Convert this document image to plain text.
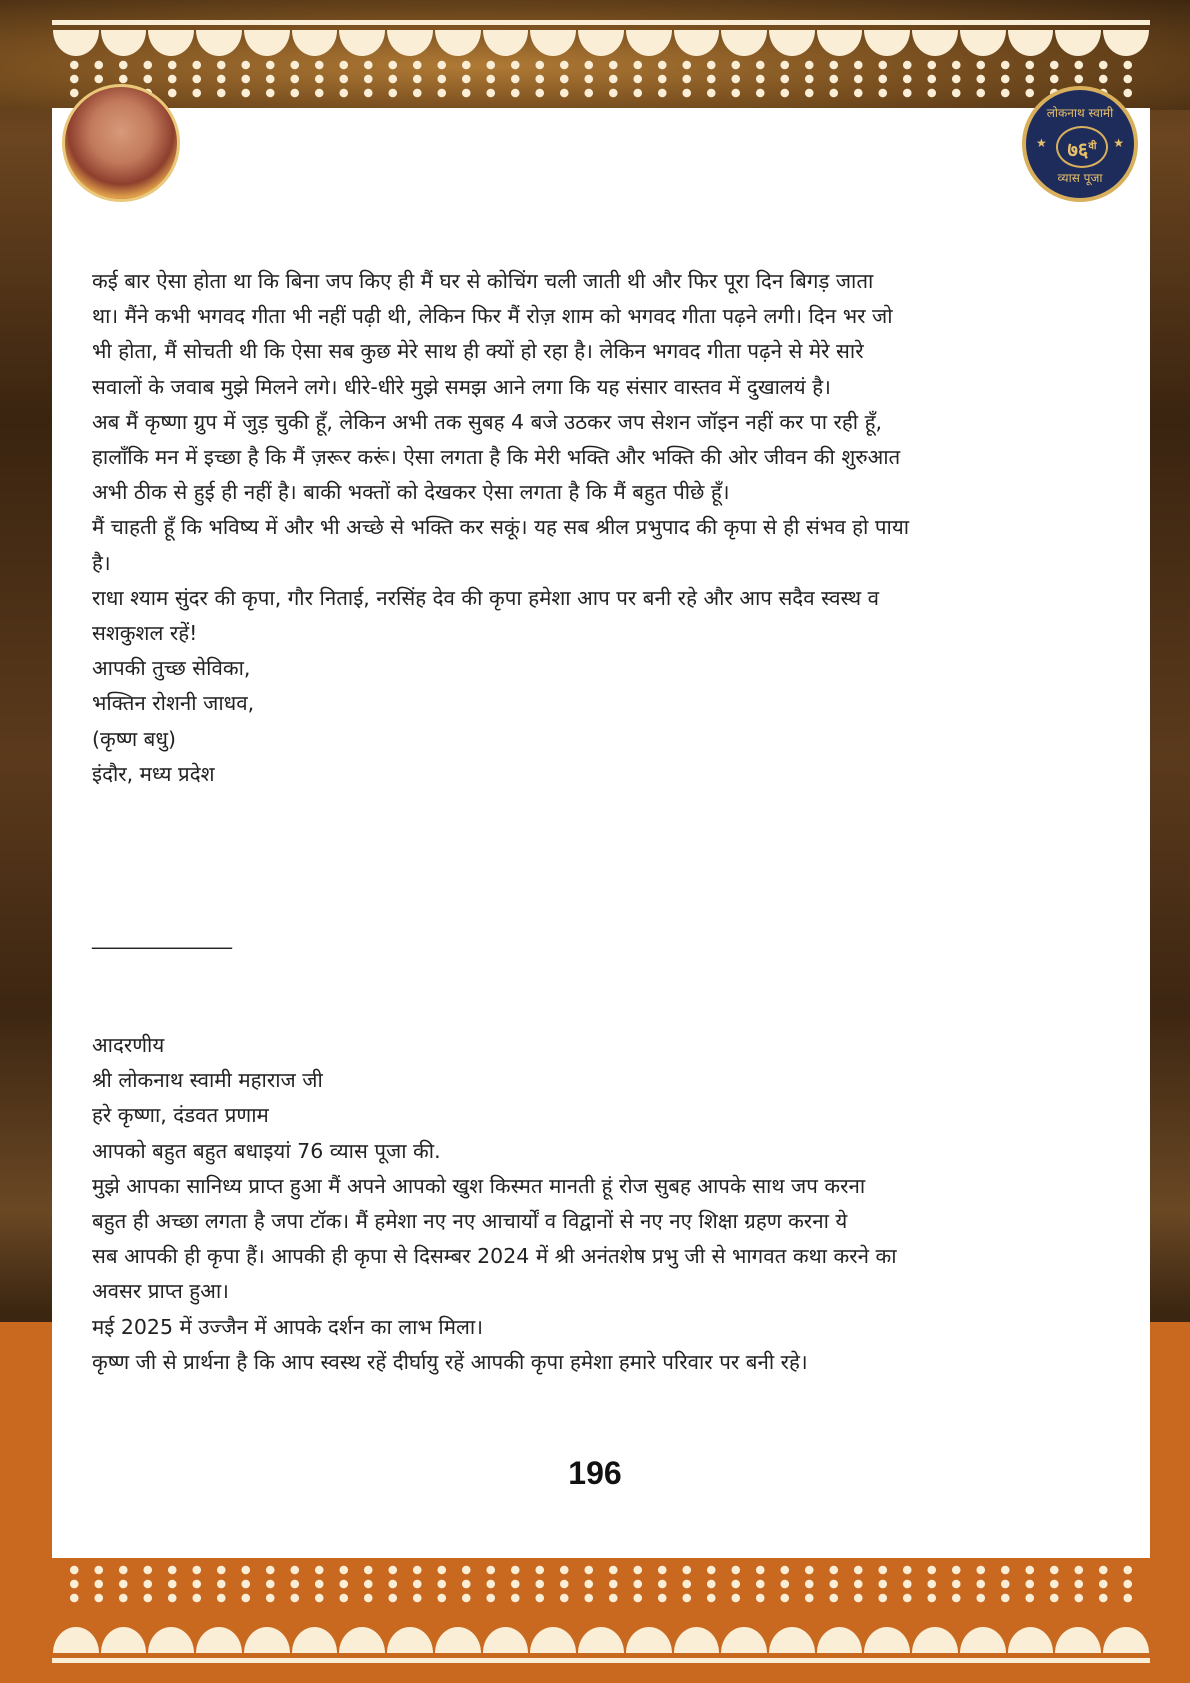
लोकनाथ स्वामी
★	$७६^{वी}$	★
व्यास पूजा

कई बार ऐसा होता था कि बिना जप किए ही मैं घर से कोचिंग चली जाती थी और फिर पूरा दिन बिगड़ जाता

था। मैंने कभी भगवद गीता भी नहीं पढ़ी थी, लेकिन फिर मैं रोज़ शाम को भगवद गीता पढ़ने लगी। दिन भर जो

भी होता, मैं सोचती थी कि ऐसा सब कुछ मेरे साथ ही क्यों हो रहा है। लेकिन भगवद गीता पढ़ने से मेरे सारे

सवालों के जवाब मुझे मिलने लगे। धीरे-धीरे मुझे समझ आने लगा कि यह संसार वास्तव में दुखालयं है।

अब मैं कृष्णा ग्रुप में जुड़ चुकी हूँ, लेकिन अभी तक सुबह 4 बजे उठकर जप सेशन जॉइन नहीं कर पा रही हूँ,

हालाँकि मन में इच्छा है कि मैं ज़रूर करूं। ऐसा लगता है कि मेरी भक्ति और भक्ति की ओर जीवन की शुरुआत

अभी ठीक से हुई ही नहीं है। बाकी भक्तों को देखकर ऐसा लगता है कि मैं बहुत पीछे हूँ।

मैं चाहती हूँ कि भविष्य में और भी अच्छे से भक्ति कर सकूं। यह सब श्रील प्रभुपाद की कृपा से ही संभव हो पाया

है।

राधा श्याम सुंदर की कृपा, गौर निताई, नरसिंह देव की कृपा हमेशा आप पर बनी रहे और आप सदैव स्वस्थ व

सशकुशल रहें!

आपकी तुच्छ सेविका,

भक्तिन रोशनी जाधव,

(कृष्ण बधु)

इंदौर, मध्य प्रदेश

______________

आदरणीय

श्री लोकनाथ स्वामी महाराज जी

हरे कृष्णा, दंडवत प्रणाम

आपको बहुत बहुत बधाइयां 76 व्यास पूजा की.

मुझे आपका सानिध्य प्राप्त हुआ मैं अपने आपको खुश किस्मत मानती हूं रोज सुबह आपके साथ जप करना

बहुत ही अच्छा लगता है जपा टॉक। मैं हमेशा नए नए आचार्यों व विद्वानों से नए नए शिक्षा ग्रहण करना ये

सब आपकी ही कृपा हैं। आपकी ही कृपा से दिसम्बर 2024 में श्री अनंतशेष प्रभु जी से भागवत कथा करने का

अवसर प्राप्त हुआ।

मई 2025 में उज्जैन में आपके दर्शन का लाभ मिला।

कृष्ण जी से प्रार्थना है कि आप स्वस्थ रहें दीर्घायु रहें आपकी कृपा हमेशा हमारे परिवार पर बनी रहे।

196
